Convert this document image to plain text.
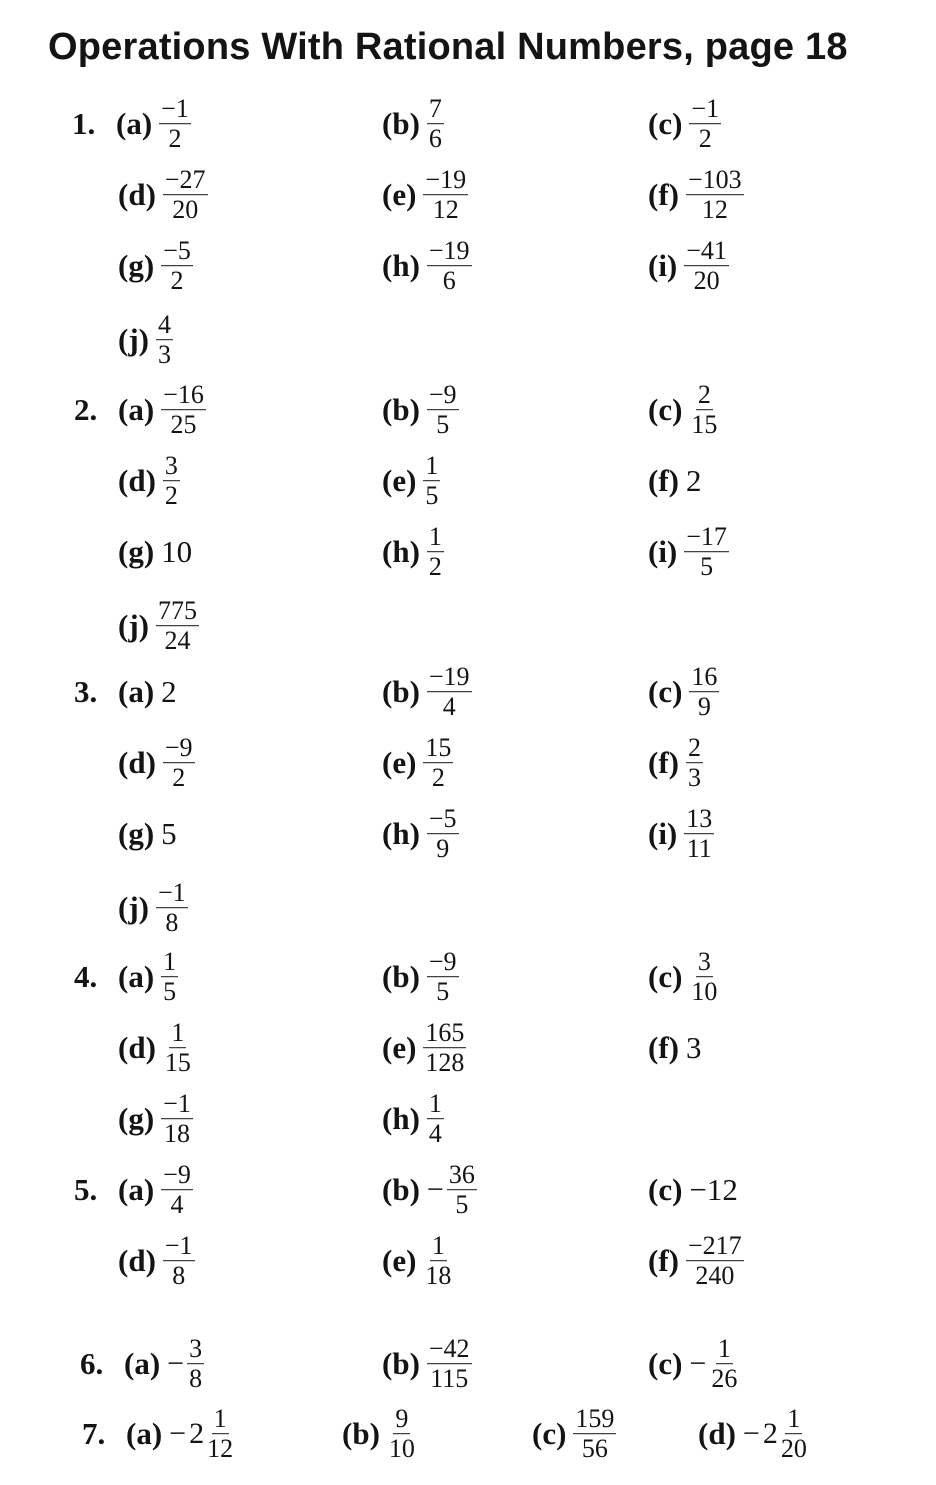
Operations With Rational Numbers, page 18
1. $(a) \frac{-1}{2}$	$(b) \frac{7}{6}$	$(c) \frac{-1}{2}$
$(d) \frac{-27}{20}$	$(e) \frac{-19}{12}$	$(f) \frac{-103}{12}$
$(g) \frac{-5}{2}$	$(h) \frac{-19}{6}$	$(i) \frac{-41}{20}$
$(j) \frac{4}{3}$
2. $(a) \frac{-16}{25}$	$(b) \frac{-9}{5}$	$(c) \frac{2}{15}$
$(d) \frac{3}{2}$	$(e) \frac{1}{5}$	(f) 2
(g) 10	$(h) \frac{1}{2}$	$(i) \frac{-17}{5}$
$(j) \frac{775}{24}$
3. (a) 2	$(b) \frac{-19}{4}$	$(c) \frac{16}{9}$
$(d) \frac{-9}{2}$	$(e) \frac{15}{2}$	$(f) \frac{2}{3}$
(g) 5	$(h) \frac{-5}{9}$	$(i) \frac{13}{11}$
$(j) \frac{-1}{8}$
4. $(a) \frac{1}{5}$	$(b) \frac{-9}{5}$	$(c) \frac{3}{10}$
$(d) \frac{1}{15}$	$(e) \frac{165}{128}$	(f) 3
$(g) \frac{-1}{18}$	$(h) \frac{1}{4}$
5. $(a) \frac{-9}{4}$	$(b) - \frac{36}{5}$	(c) −12
$(d) \frac{-1}{8}$	$(e) \frac{1}{18}$	$(f) \frac{-217}{240}$
6. $(a) - \frac{3}{8}$	$(b) \frac{-42}{115}$	$(c) - \frac{1}{26}$
7. $(a) - 2 \frac{1}{12}$	$(b) \frac{9}{10}$	$(c) \frac{159}{56}$	$(d) - 2 \frac{1}{20}$
